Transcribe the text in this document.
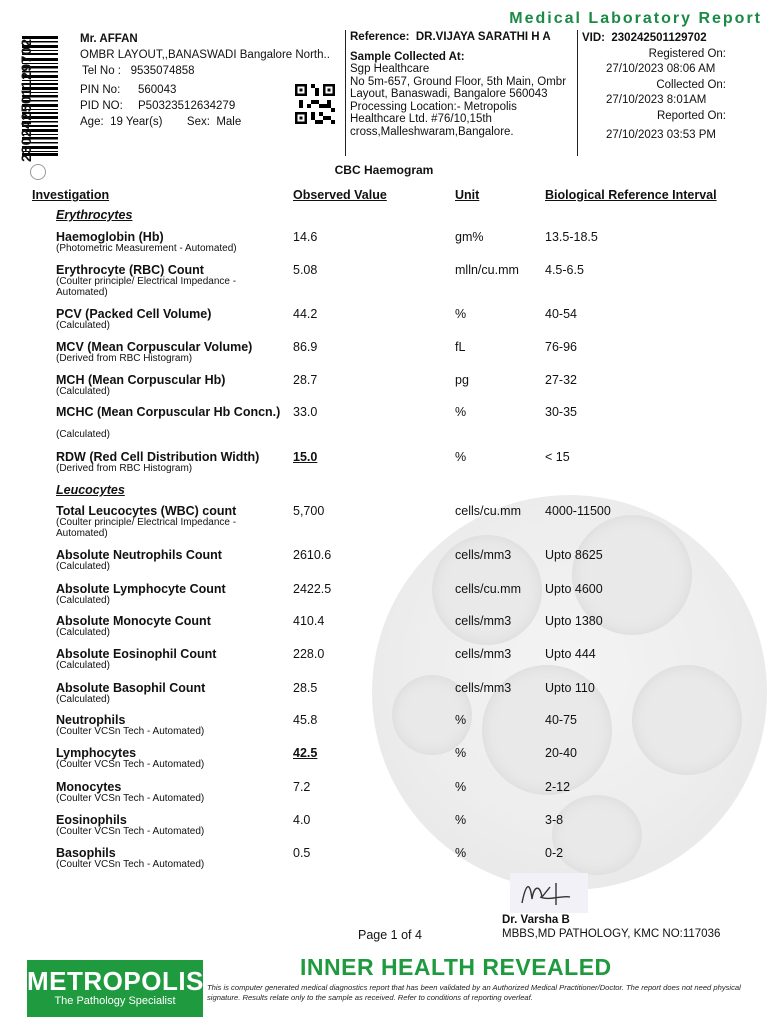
Medical Laboratory Report
230242501129702	Mr. AFFAN
OMBR LAYOUT,,BANASWADI Bangalore North..
Tel No : 9535074858
PIN No: 560043
PID NO: P50323512634279
Age: 19 Year(s) Sex: Male
Reference: DR.VIJAYA SARATHI H A
Sample Collected At:
Sgp Healthcare
No 5m-657, Ground Floor, 5th Main, Ombr
Layout, Banaswadi, Bangalore 560043
Processing Location:- Metropolis
Healthcare Ltd. #76/10,15th
cross,Malleshwaram,Bangalore.
VID: 230242501129702
Registered On:
27/10/2023 08:06 AM
Collected On:
27/10/2023 8:01AM
Reported On:
27/10/2023 03:53 PM
CBC Haemogram
Investigation	Observed Value	Unit	Biological Reference Interval
Erythrocytes
Leucocytes
Haemoglobin (Hb)
(Photometric Measurement - Automated)
14.6	gm%	13.5-18.5
Erythrocyte (RBC) Count
(Coulter principle/ Electrical Impedance - Automated)
5.08	mlln/cu.mm 4.5-6.5
PCV (Packed Cell Volume)
(Calculated)
44.2	%	40-54
MCV (Mean Corpuscular Volume)
(Derived from RBC Histogram)
86.9	fL	76-96
MCH (Mean Corpuscular Hb)
(Calculated)
28.7	pg	27-32
MCHC (Mean Corpuscular Hb Concn.)
(Calculated)
33.0	%	30-35
RDW (Red Cell Distribution Width)
(Derived from RBC Histogram)
15.0	%	< 15
Total Leucocytes (WBC) count
(Coulter principle/ Electrical Impedance - Automated)
5,700	cells/cu.mm 4000-11500
Absolute Neutrophils Count
(Calculated)
2610.6	cells/mm3	Upto 8625
Absolute Lymphocyte Count
(Calculated)
2422.5	cells/cu.mm Upto 4600
Absolute Monocyte Count
(Calculated)
410.4	cells/mm3	Upto 1380
Absolute Eosinophil Count
(Calculated)
228.0	cells/mm3	Upto 444
Absolute Basophil Count
(Calculated)
28.5	cells/mm3	Upto 110
Neutrophils
(Coulter VCSn Tech - Automated)
45.8	%	40-75
Lymphocytes
(Coulter VCSn Tech - Automated)
42.5	%	20-40
Monocytes
(Coulter VCSn Tech - Automated)
7.2	%	2-12
Eosinophils
(Coulter VCSn Tech - Automated)
4.0	%	3-8
Basophils
(Coulter VCSn Tech - Automated)
0.5	%	0-2
Dr. Varsha B
MBBS,MD PATHOLOGY, KMC NO:117036
Page 1 of 4
METROPOLIS
The Pathology Specialist
INNER HEALTH REVEALED
This is computer generated medical diagnostics report that has been validated by an Authorized Medical Practitioner/Doctor. The report does not need physical signature. Results relate only to the sample as received. Refer to conditions of reporting overleaf.
